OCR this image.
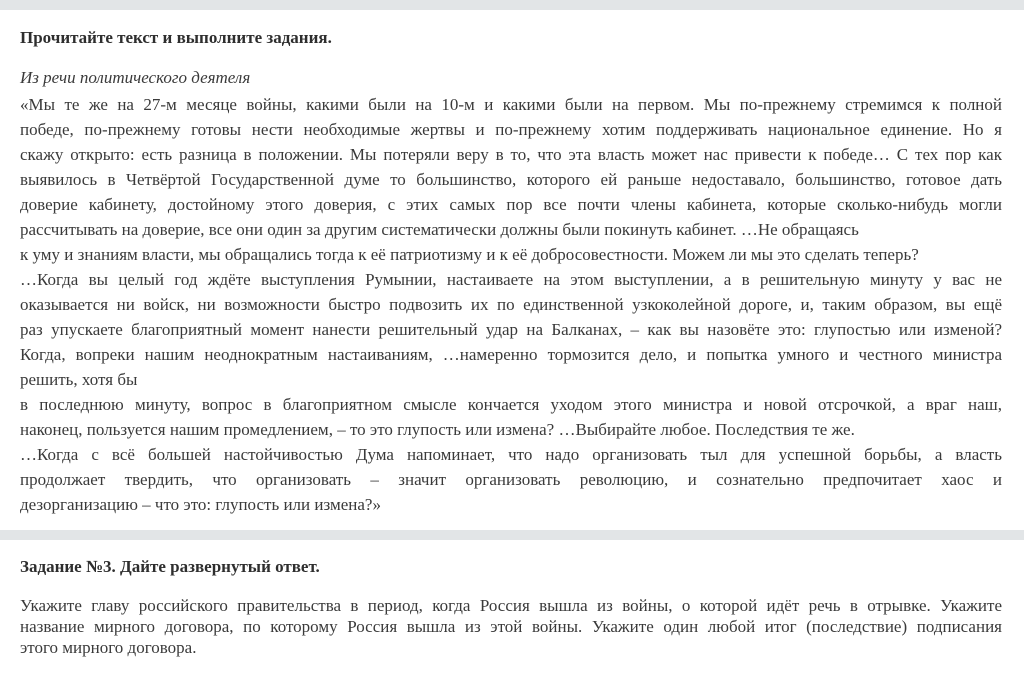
Прочитайте текст и выполните задания.
Из речи политического деятеля
«Мы те же на 27-м месяце войны, какими были на 10-м и какими были на первом. Мы по-прежнему стремимся к полной
победе, по-прежнему готовы нести необходимые жертвы и по-прежнему хотим поддерживать национальное единение. Но я
скажу открыто: есть разница в положении. Мы потеряли веру в то, что эта власть может нас привести к победе… С тех пор как
выявилось в Четвёртой Государственной думе то большинство, которого ей раньше недоставало, большинство, готовое дать
доверие кабинету, достойному этого доверия, с этих самых пор все почти члены кабинета, которые сколько-нибудь могли
рассчитывать на доверие, все они один за другим систематически должны были покинуть кабинет. …Не обращаясь
к уму и знаниям власти, мы обращались тогда к её патриотизму и к её добросовестности. Можем ли мы это сделать теперь?
…Когда вы целый год ждёте выступления Румынии, настаиваете на этом выступлении, а в решительную минуту у вас не
оказывается ни войск, ни возможности быстро подвозить их по единственной узкоколейной дороге, и, таким образом, вы ещё
раз упускаете благоприятный момент нанести решительный удар на Балканах, – как вы назовёте это: глупостью или изменой?
Когда, вопреки нашим неоднократным настаиваниям, …намеренно тормозится дело, и попытка умного и честного министра
решить, хотя бы
в последнюю минуту, вопрос в благоприятном смысле кончается уходом этого министра и новой отсрочкой, а враг наш,
наконец, пользуется нашим промедлением, – то это глупость или измена? …Выбирайте любое. Последствия те же.
…Когда с всё большей настойчивостью Дума напоминает, что надо организовать тыл для успешной борьбы, а власть
продолжает твердить, что организовать – значит организовать революцию, и сознательно предпочитает хаос и
дезорганизацию – что это: глупость или измена?»
Задание №3. Дайте развернутый ответ.
Укажите главу российского правительства в период, когда Россия вышла из войны, о которой идёт речь в отрывке. Укажите
название мирного договора, по которому Россия вышла из этой войны. Укажите один любой итог (последствие) подписания
этого мирного договора.
